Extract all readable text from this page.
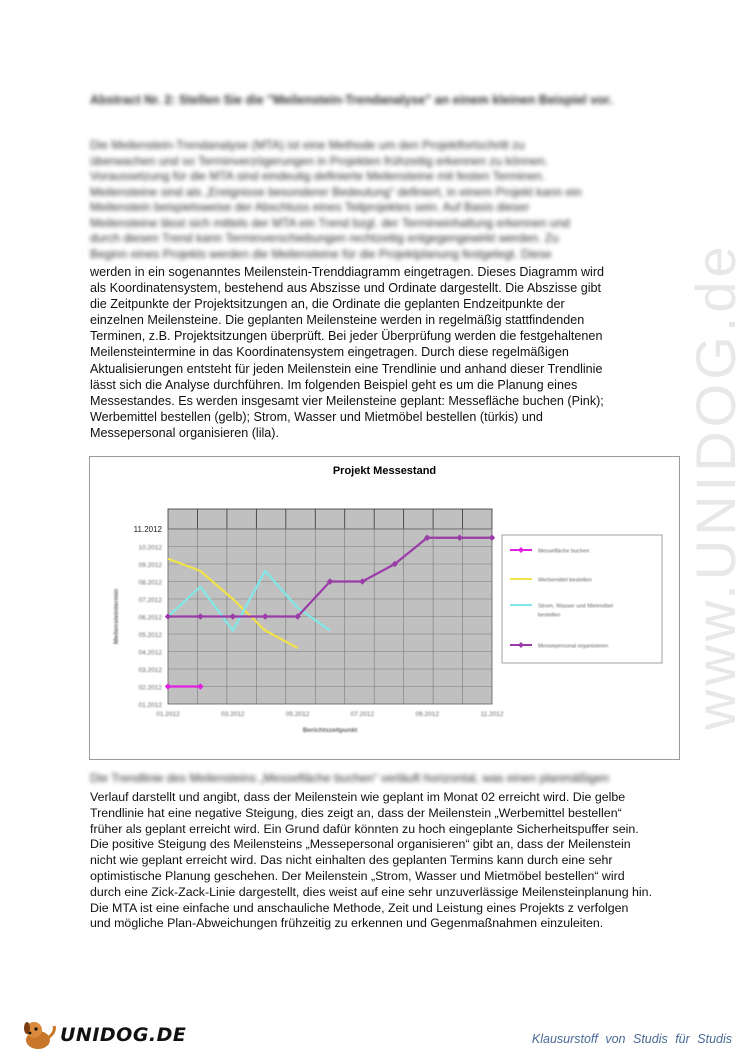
Abstract Nr. 2: Stellen Sie die "Meilenstein-Trendanalyse" an einem kleinen Beispiel vor.

Die Meilenstein-Trendanalyse (MTA) ist eine Methode um den Projektfortschritt zu

überwachen und so Terminverzögerungen in Projekten frühzeitig erkennen zu können.

Voraussetzung für die MTA sind eindeutig definierte Meilensteine mit festen Terminen.

Meilensteine sind als „Ereignisse besonderer Bedeutung“ definiert, in einem Projekt kann ein

Meilenstein beispielsweise der Abschluss eines Teilprojektes sein. Auf Basis dieser

Meilensteine lässt sich mittels der MTA ein Trend bzgl. der Termineinhaltung erkennen und

durch diesen Trend kann Terminverschiebungen rechtzeitig entgegengewirkt werden. Zu

Beginn eines Projekts werden die Meilensteine für die Projektplanung festgelegt. Diese

werden in ein sogenanntes Meilenstein-Trenddiagramm eingetragen. Dieses Diagramm wird

als Koordinatensystem, bestehend aus Abszisse und Ordinate dargestellt. Die Abszisse gibt

die Zeitpunkte der Projektsitzungen an, die Ordinate die geplanten Endzeitpunkte der

einzelnen Meilensteine. Die geplanten Meilensteine werden in regelmäßig stattfindenden

Terminen, z.B. Projektsitzungen überprüft. Bei jeder Überprüfung werden die festgehaltenen

Meilensteintermine in das Koordinatensystem eingetragen. Durch diese regelmäßigen

Aktualisierungen entsteht für jeden Meilenstein eine Trendlinie und anhand dieser Trendlinie

lässt sich die Analyse durchführen. Im folgenden Beispiel geht es um die Planung eines

Messestandes. Es werden insgesamt vier Meilensteine geplant: Messefläche buchen (Pink);

Werbemittel bestellen (gelb); Strom, Wasser und Mietmöbel bestellen (türkis) und

Messepersonal organisieren (lila).

Projekt Messestand
01.2012
02.2012
03.2012
04.2012
05.2012
06.2012
07.2012
08.2012
09.2012
10.2012
11.2012
01.2012	03.2012	05.2012	07.2012	09.2012	11.2012
Berichtszeitpunkt
Meilensteintermin
Messefläche buchen
Werbemittel bestellen
Strom, Wasser und Mietmöbel
bestellen
Messepersonal organisieren

Die Trendlinie des Meilensteins „Messefläche buchen“ verläuft horizontal, was einen planmäßigen

Verlauf darstellt und angibt, dass der Meilenstein wie geplant im Monat 02 erreicht wird. Die gelbe

Trendlinie hat eine negative Steigung, dies zeigt an, dass der Meilenstein „Werbemittel bestellen“

früher als geplant erreicht wird. Ein Grund dafür könnten zu hoch eingeplante Sicherheitspuffer sein.

Die positive Steigung des Meilensteins „Messepersonal organisieren“ gibt an, dass der Meilenstein

nicht wie geplant erreicht wird. Das nicht einhalten des geplanten Termins kann durch eine sehr

optimistische Planung geschehen. Der Meilenstein „Strom, Wasser und Mietmöbel bestellen“ wird

durch eine Zick-Zack-Linie dargestellt, dies weist auf eine sehr unzuverlässige Meilensteinplanung hin.

Die MTA ist eine einfache und anschauliche Methode, Zeit und Leistung eines Projekts z verfolgen

und mögliche Plan-Abweichungen frühzeitig zu erkennen und Gegenmaßnahmen einzuleiten.

www.UNIDOG.de
UNIDOG.DE	Klausurstoff von Studis für Studis
